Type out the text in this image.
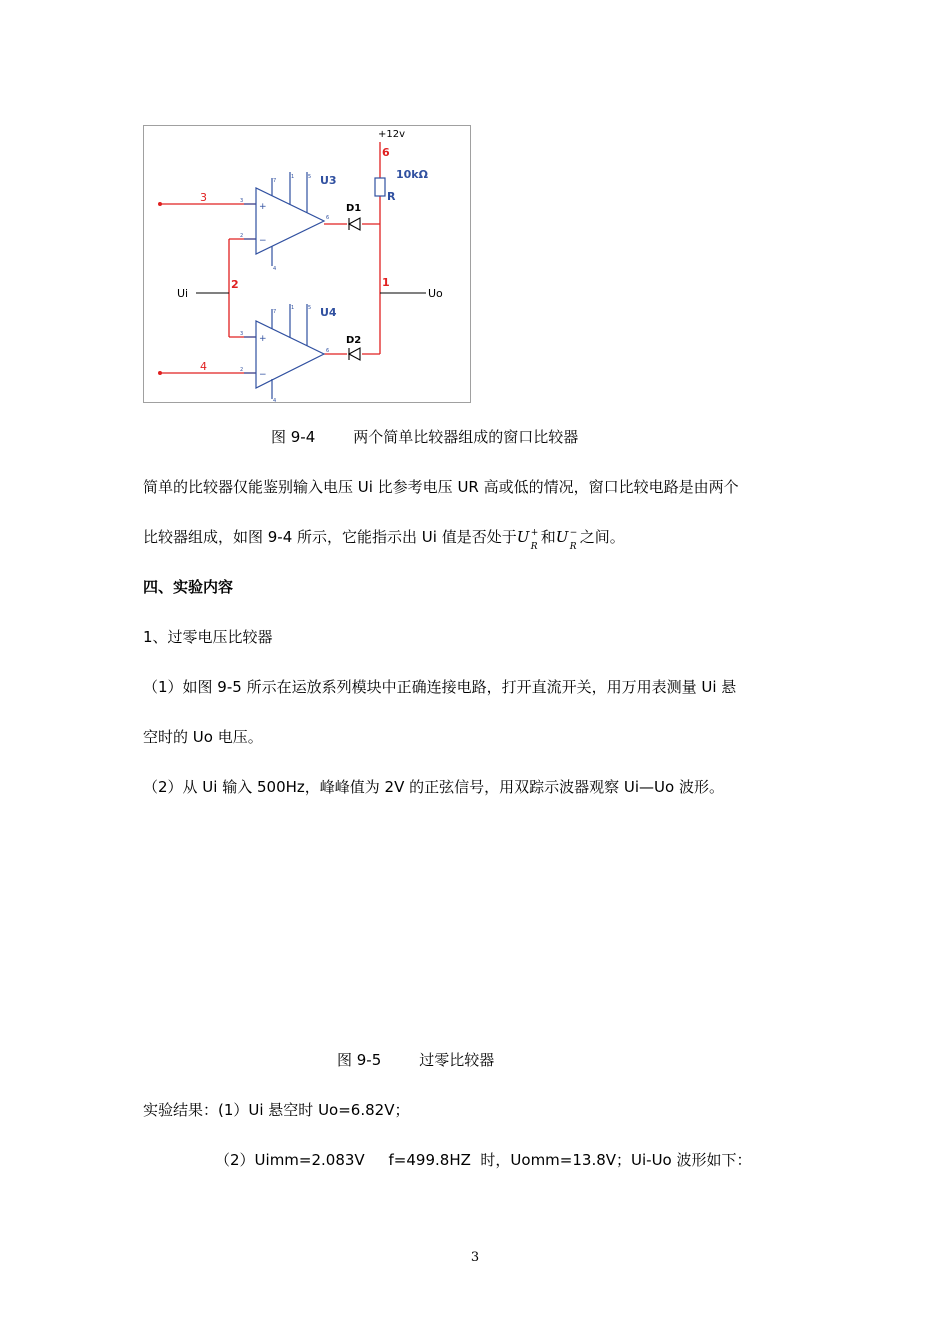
+12v
6
10kΩ
R
U3
U4
D1
D2
3
4
Ui
2	1
Uo
+
−
3
2
7
1	5
6
4
+
−
3
2
7
1	5
6
4
图 9-4	两个简单比较器组成的窗口比较器
简单的比较器仅能鉴别输入电压 Ui 比参考电压 UR 高或低的情况，窗口比较电路是由两个
比较器组成，如图 9-4 所示，它能指示出 Ui 值是否处于U +
R
和U −
R
之间。
四、实验内容
1、过零电压比较器
（1）如图 9-5 所示在运放系列模块中正确连接电路，打开直流开关，用万用表测量 Ui 悬
空时的 Uo 电压。
（2）从 Ui 输入 500Hz，峰峰值为 2V 的正弦信号，用双踪示波器观察 Ui—Uo 波形。
图 9-5	过零比较器
实验结果：(1）Ui 悬空时 Uo=6.82V；
（2）Uimm=2.083V     f=499.8HZ  时，Uomm=13.8V；Ui-Uo 波形如下：
3
